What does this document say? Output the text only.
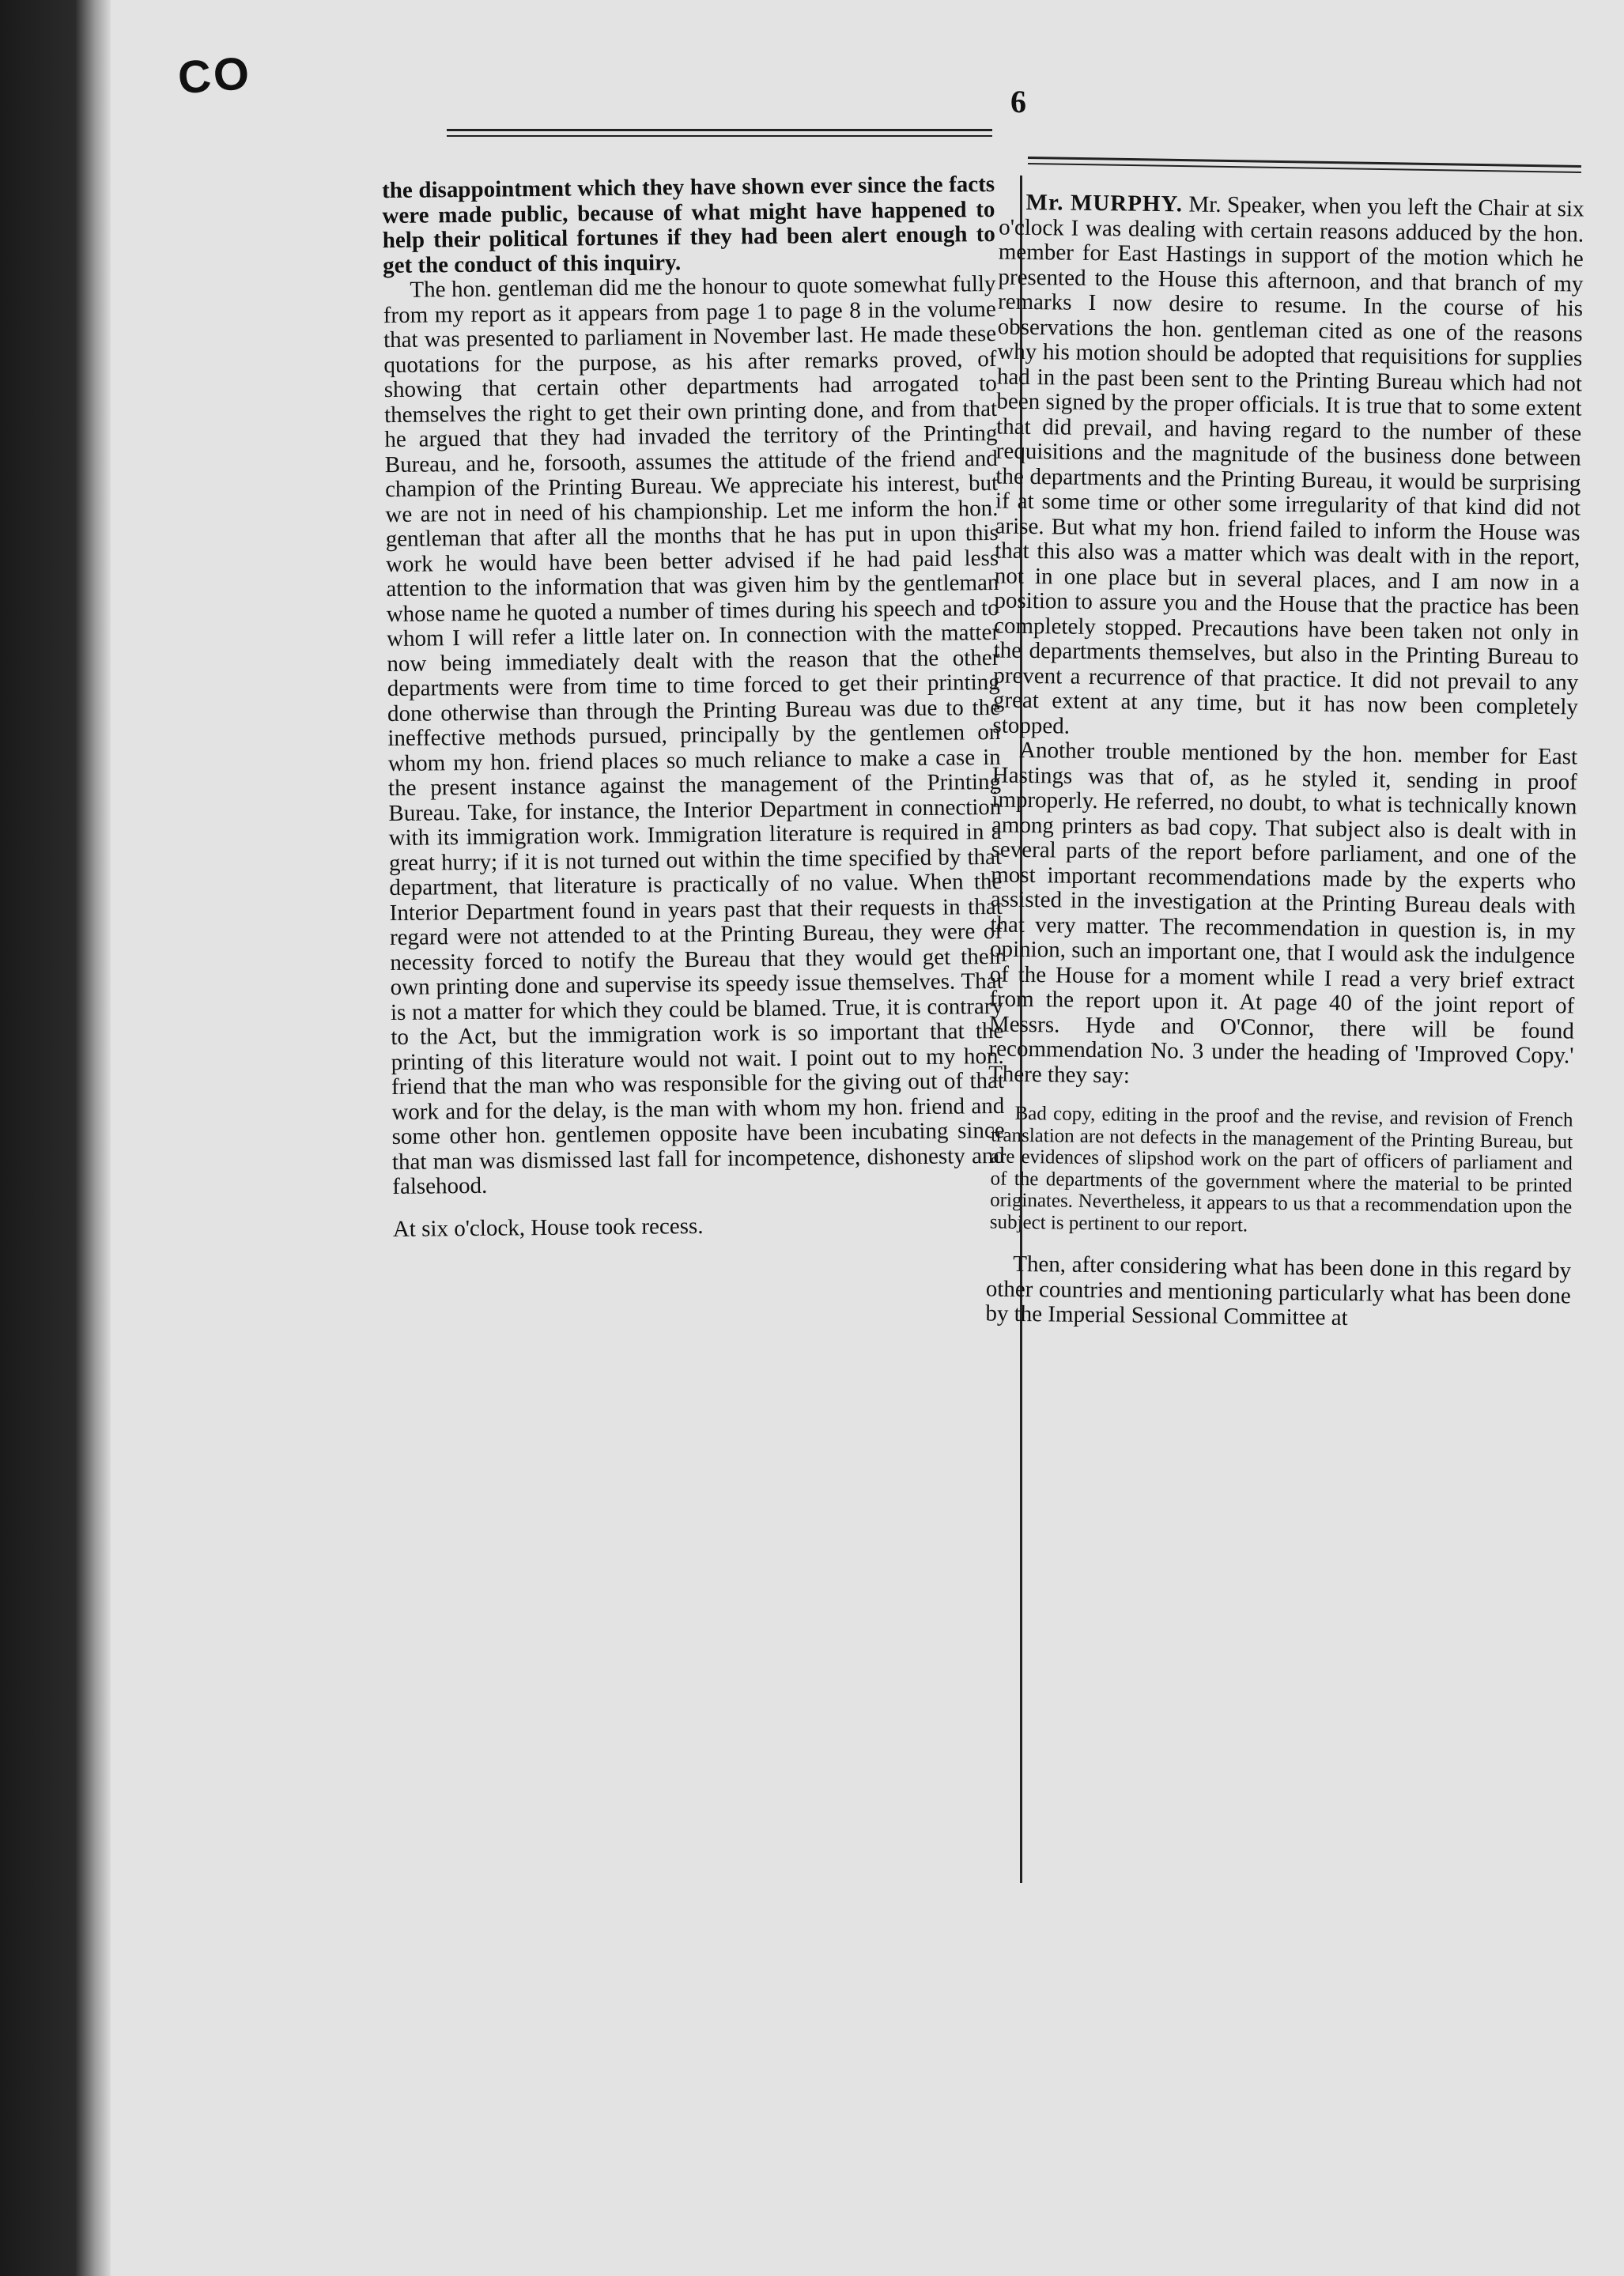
CO	6

the disappointment which they have shown ever since the facts were made public, because of what might have happened to help their political fortunes if they had been alert enough to get the conduct of this inquiry.

The hon. gentleman did me the honour to quote somewhat fully from my report as it appears from page 1 to page 8 in the volume that was presented to parliament in November last. He made these quotations for the purpose, as his after remarks proved, of showing that certain other departments had arrogated to themselves the right to get their own printing done, and from that he argued that they had invaded the territory of the Printing Bureau, and he, forsooth, assumes the attitude of the friend and champion of the Printing Bureau. We appreciate his interest, but we are not in need of his championship. Let me inform the hon. gentleman that after all the months that he has put in upon this work he would have been better advised if he had paid less attention to the information that was given him by the gentleman whose name he quoted a number of times during his speech and to whom I will refer a little later on. In connection with the matter now being immediately dealt with the reason that the other departments were from time to time forced to get their printing done otherwise than through the Printing Bureau was due to the ineffective methods pursued, principally by the gentlemen on whom my hon. friend places so much reliance to make a case in the present instance against the management of the Printing Bureau. Take, for instance, the Interior Department in connection with its immigration work. Immigration literature is required in a great hurry; if it is not turned out within the time specified by that department, that literature is practically of no value. When the Interior Department found in years past that their requests in that regard were not attended to at the Printing Bureau, they were of necessity forced to notify the Bureau that they would get their own printing done and supervise its speedy issue themselves. That is not a matter for which they could be blamed. True, it is contrary to the Act, but the immigration work is so important that the printing of this literature would not wait. I point out to my hon. friend that the man who was responsible for the giving out of that work and for the delay, is the man with whom my hon. friend and some other hon. gentlemen opposite have been incubating since that man was dismissed last fall for incompetence, dishonesty and falsehood.

At six o'clock, House took recess.

Mr. MURPHY. Mr. Speaker, when you left the Chair at six o'clock I was dealing with certain reasons adduced by the hon. member for East Hastings in support of the motion which he presented to the House this afternoon, and that branch of my remarks I now desire to resume. In the course of his observations the hon. gentleman cited as one of the reasons why his motion should be adopted that requisitions for supplies had in the past been sent to the Printing Bureau which had not been signed by the proper officials. It is true that to some extent that did prevail, and having regard to the number of these requisitions and the magnitude of the business done between the departments and the Printing Bureau, it would be surprising if at some time or other some irregularity of that kind did not arise. But what my hon. friend failed to inform the House was that this also was a matter which was dealt with in the report, not in one place but in several places, and I am now in a position to assure you and the House that the practice has been completely stopped. Precautions have been taken not only in the departments themselves, but also in the Printing Bureau to prevent a recurrence of that practice. It did not prevail to any great extent at any time, but it has now been completely stopped.

Another trouble mentioned by the hon. member for East Hastings was that of, as he styled it, sending in proof improperly. He referred, no doubt, to what is technically known among printers as bad copy. That subject also is dealt with in several parts of the report before parliament, and one of the most important recommendations made by the experts who assisted in the investigation at the Printing Bureau deals with that very matter. The recommendation in question is, in my opinion, such an important one, that I would ask the indulgence of the House for a moment while I read a very brief extract from the report upon it. At page 40 of the joint report of Messrs. Hyde and O'Connor, there will be found recommendation No. 3 under the heading of 'Improved Copy.' There they say:

Bad copy, editing in the proof and the revise, and revision of French translation are not defects in the management of the Printing Bureau, but are evidences of slipshod work on the part of officers of parliament and of the departments of the government where the material to be printed originates. Nevertheless, it appears to us that a recommendation upon the subject is pertinent to our report.

Then, after considering what has been done in this regard by other countries and mentioning particularly what has been done by the Imperial Sessional Committee at
